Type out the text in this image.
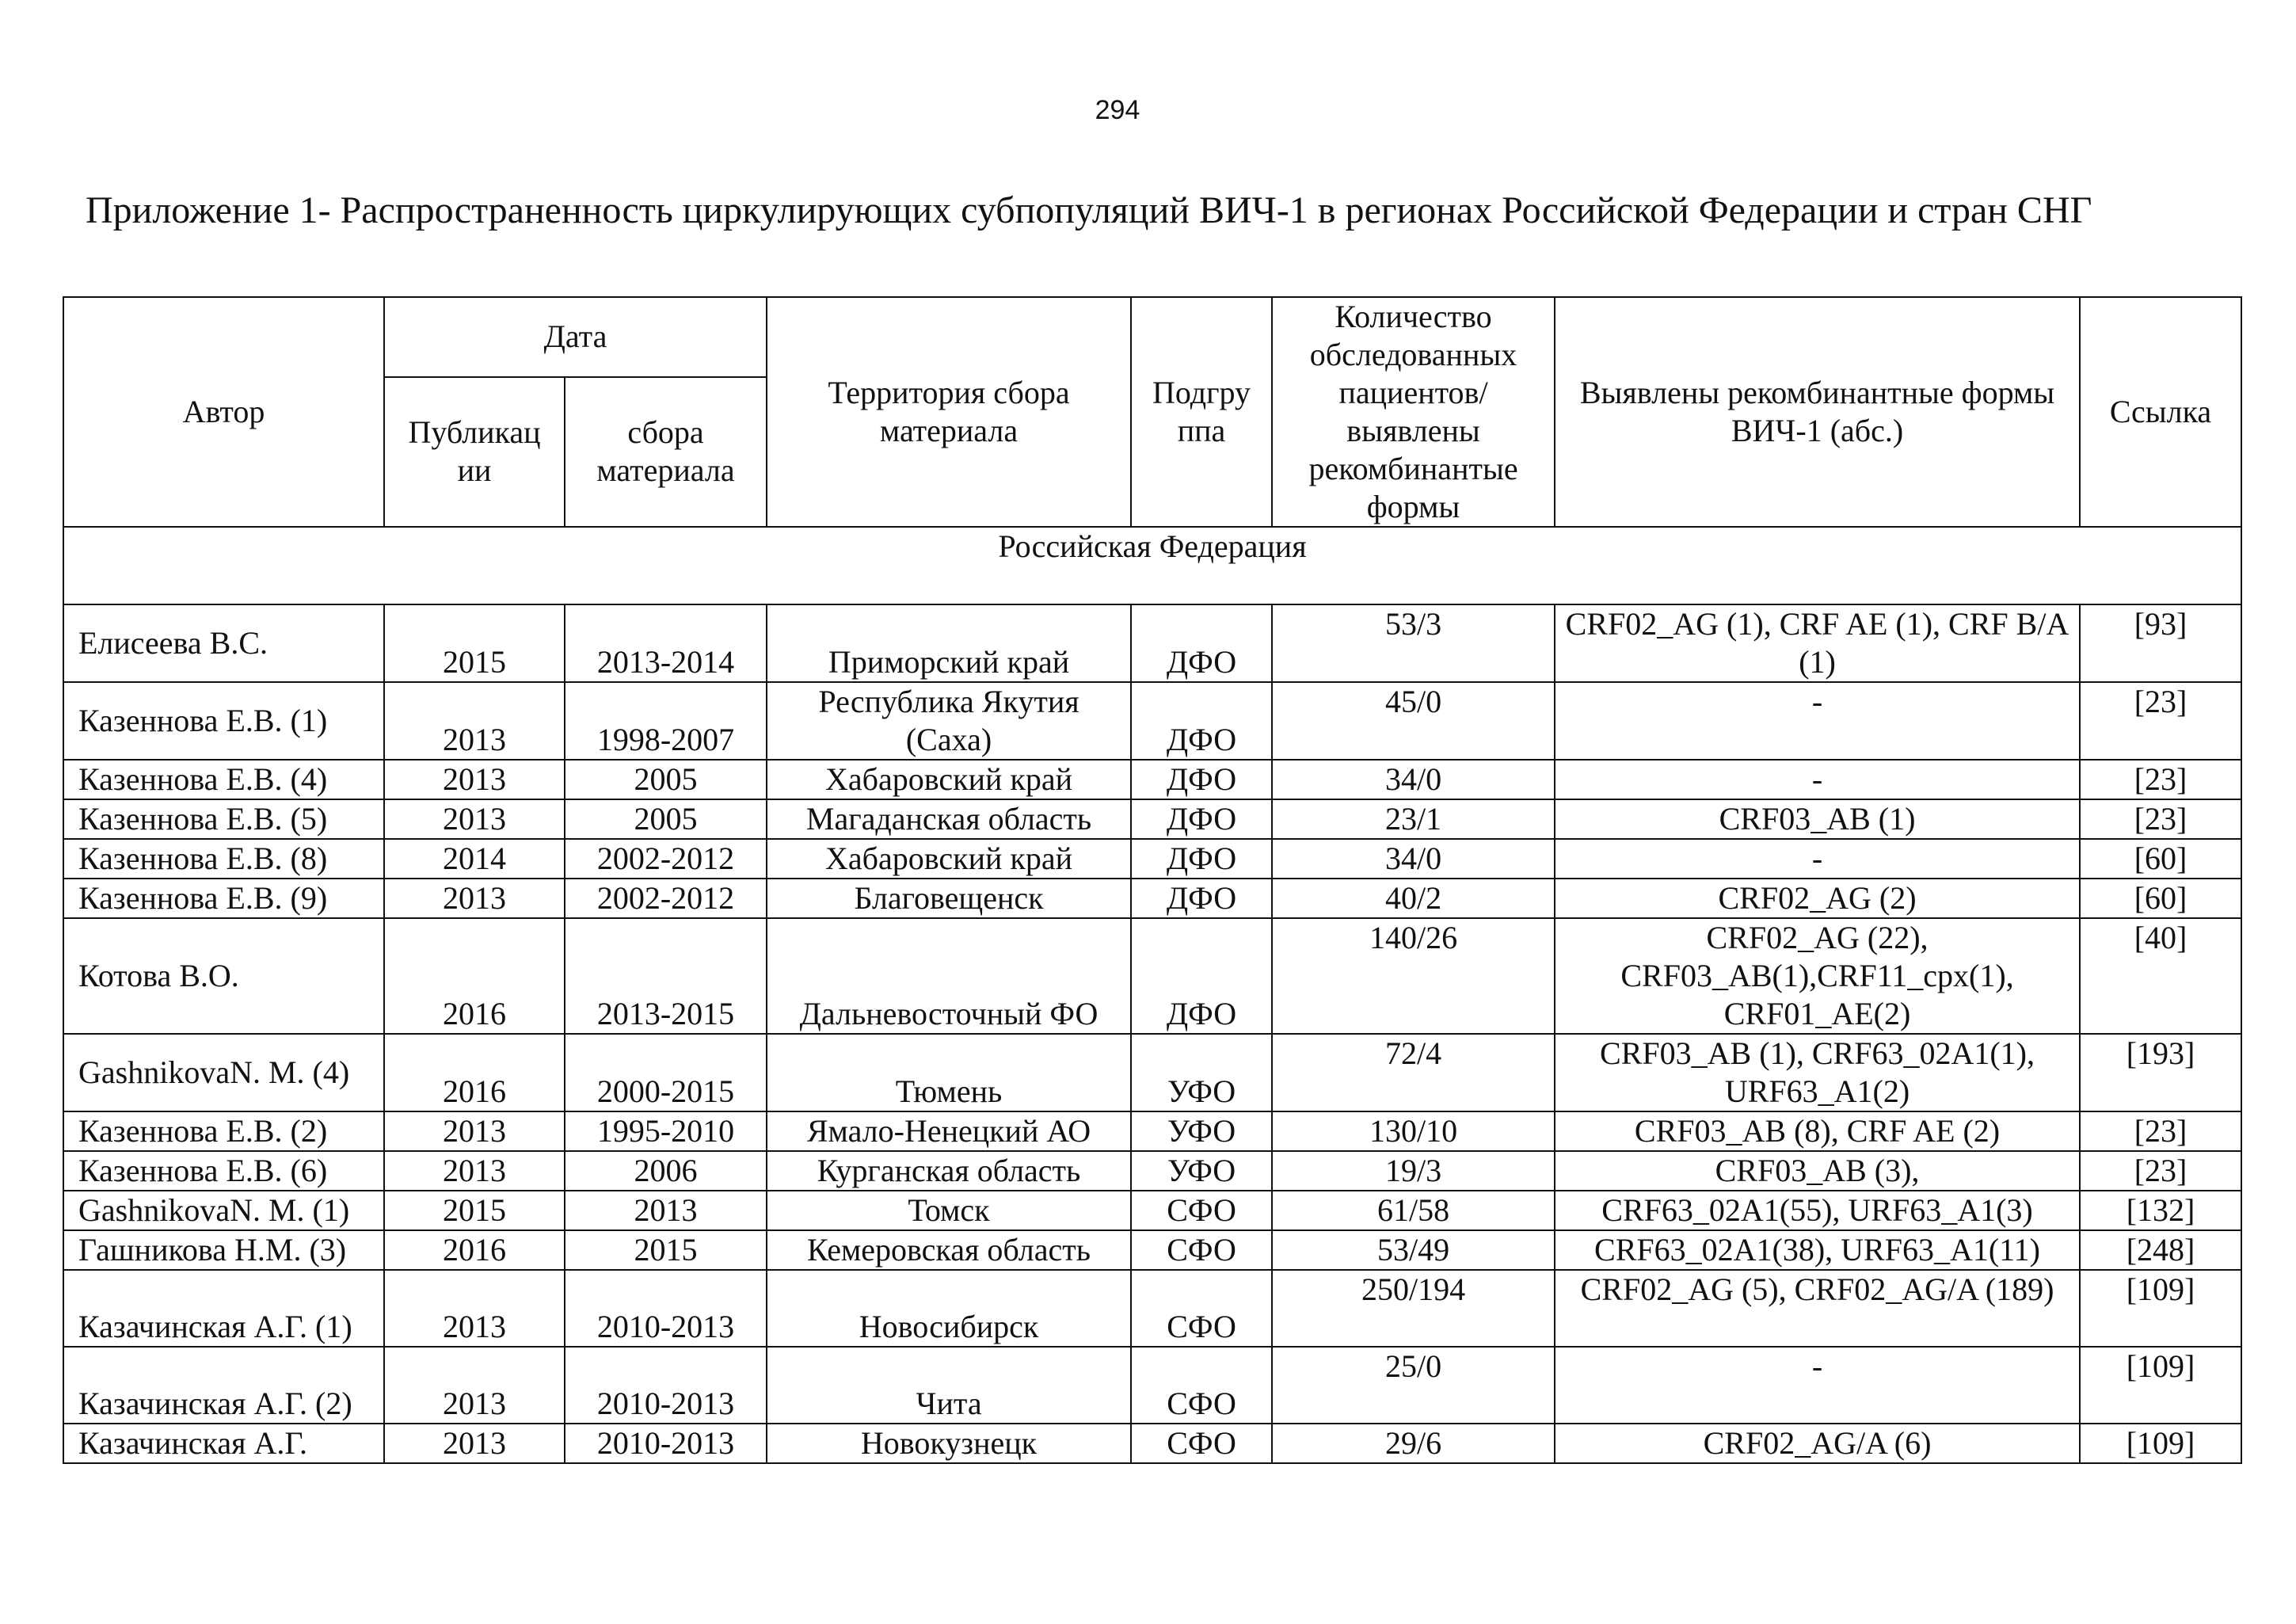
294
Приложение 1- Распространенность циркулирующих субпопуляций ВИЧ-1 в регионах Российской Федерации и стран СНГ
Автор	Дата		Территория сбора материала	Подгру ппа	Количество обследованных пациентов/ выявлены рекомбинантые формы	Выявлены рекомбинантные формы ВИЧ-1 (абс.)	Ссылка
	Публикац ии	сбора материала					
Российская Федерация							
Елисеева В.С.	2015	2013-2014	Приморский край	ДФО	53/3	CRF02_AG (1), CRF AE (1), CRF B/A (1)	[93]
Казеннова Е.В. (1)	2013	1998-2007	Республика Якутия (Саха)	ДФО	45/0	-	[23]
Казеннова Е.В. (4)	2013	2005	Хабаровский край	ДФО	34/0	-	[23]
Казеннова Е.В. (5)	2013	2005	Магаданская область	ДФО	23/1	CRF03_AB (1)	[23]
Казеннова Е.В. (8)	2014	2002-2012	Хабаровский край	ДФО	34/0	-	[60]
Казеннова Е.В. (9)	2013	2002-2012	Благовещенск	ДФО	40/2	CRF02_AG (2)	[60]
Котова В.О.	2016	2013-2015	Дальневосточный ФО	ДФО	140/26	CRF02_AG (22), CRF03_AB(1),CRF11_cpx(1), CRF01_AE(2)	[40]
GashnikovaN. M. (4)	2016	2000-2015	Тюмень	УФО	72/4	CRF03_AB (1), CRF63_02A1(1), URF63_A1(2)	[193]
Казеннова Е.В. (2)	2013	1995-2010	Ямало-Ненецкий АО	УФО	130/10	CRF03_AB (8), CRF AE (2)	[23]
Казеннова Е.В. (6)	2013	2006	Курганская область	УФО	19/3	CRF03_AB (3),	[23]
GashnikovaN. M. (1)	2015	2013	Томск	СФО	61/58	CRF63_02A1(55), URF63_A1(3)	[132]
Гашникова Н.М. (3)	2016	2015	Кемеровская область	СФО	53/49	CRF63_02A1(38), URF63_A1(11)	[248]
Казачинская А.Г. (1)	2013	2010-2013	Новосибирск	СФО	250/194	CRF02_AG (5), CRF02_AG/A (189)	[109]
Казачинская А.Г. (2)	2013	2010-2013	Чита	СФО	25/0	-	[109]
Казачинская А.Г.	2013	2010-2013	Новокузнецк	СФО	29/6	CRF02_AG/A (6)	[109]
